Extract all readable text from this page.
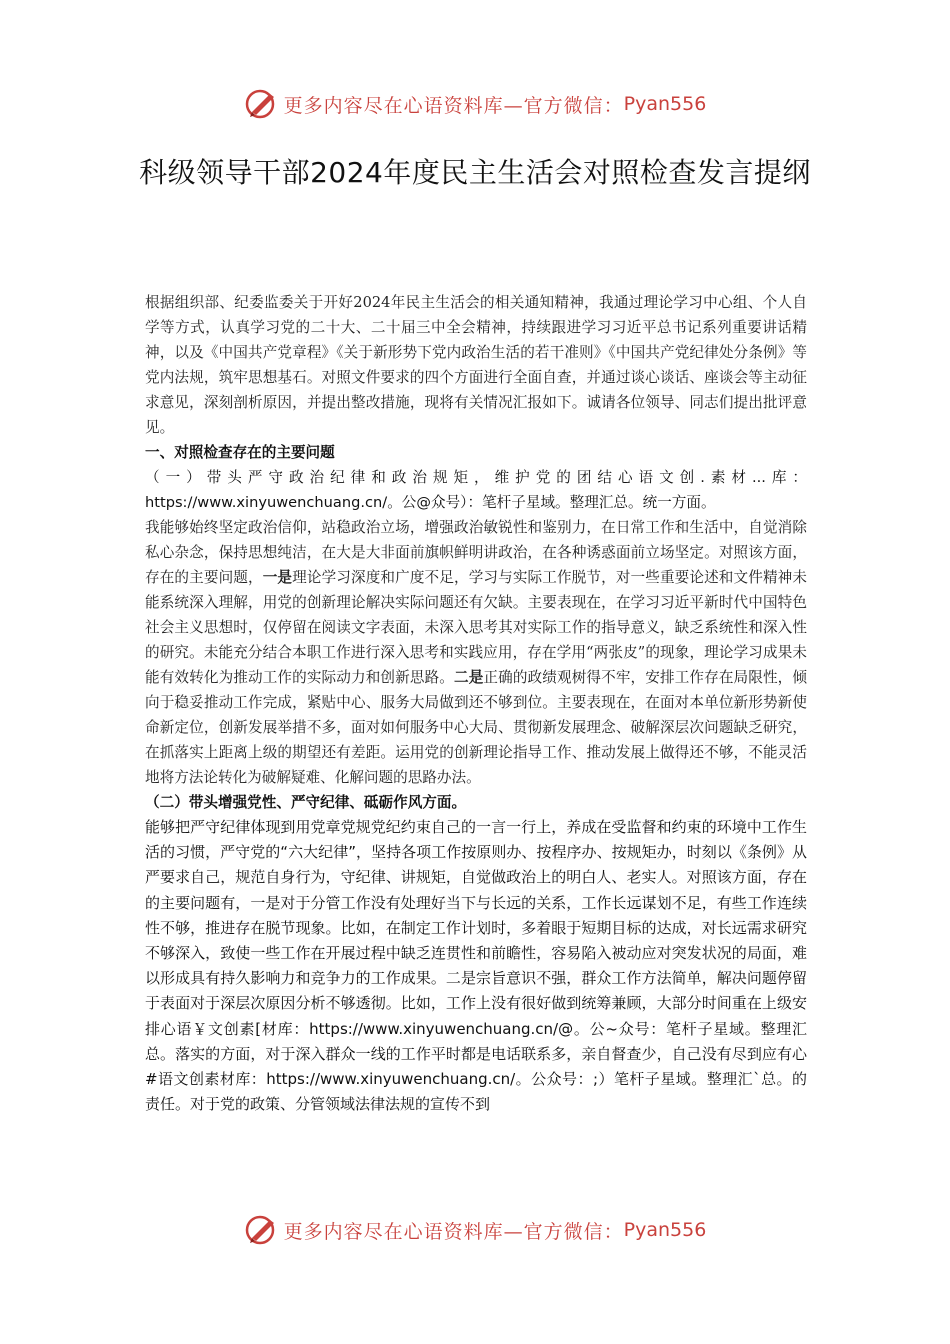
更多内容尽在心语资料库—官方微信： Pyan556
科级领导干部2024年度民主生活会对照检查发言提纲

根据组织部、纪委监委关于开好2024年民主生活会的相关通知精神，我通过理论学习中心组、个人自学等方式，认真学习党的二十大、二十届三中全会精神，持续跟进学习习近平总书记系列重要讲话精神，以及《中国共产党章程》《关于新形势下党内政治生活的若干准则》《中国共产党纪律处分条例》等党内法规，筑牢思想基石。对照文件要求的四个方面进行全面自查，并通过谈心谈话、座谈会等主动征求意见，深刻剖析原因，并提出整改措施，现将有关情况汇报如下。诚请各位领导、同志们提出批评意见。

一、对照检查存在的主要问题

（一）带头严守政治纪律和政治规矩，维护党的团结心语文创.素材...库：https://www.xinyuwenchuang.cn/。公@众号）：笔杆子星域。整理汇总。统一方面。

我能够始终坚定政治信仰，站稳政治立场，增强政治敏锐性和鉴别力，在日常工作和生活中，自觉消除私心杂念，保持思想纯洁，在大是大非面前旗帜鲜明讲政治，在各种诱惑面前立场坚定。对照该方面，存在的主要问题，一是理论学习深度和广度不足，学习与实际工作脱节，对一些重要论述和文件精神未能系统深入理解，用党的创新理论解决实际问题还有欠缺。主要表现在，在学习习近平新时代中国特色社会主义思想时，仅停留在阅读文字表面，未深入思考其对实际工作的指导意义，缺乏系统性和深入性的研究。未能充分结合本职工作进行深入思考和实践应用，存在学用“两张皮”的现象，理论学习成果未能有效转化为推动工作的实际动力和创新思路。二是正确的政绩观树得不牢，安排工作存在局限性，倾向于稳妥推动工作完成，紧贴中心、服务大局做到还不够到位。主要表现在，在面对本单位新形势新使命新定位，创新发展举措不多，面对如何服务中心大局、贯彻新发展理念、破解深层次问题缺乏研究，在抓落实上距离上级的期望还有差距。运用党的创新理论指导工作、推动发展上做得还不够，不能灵活地将方法论转化为破解疑难、化解问题的思路办法。

（二）带头增强党性、严守纪律、砥砺作风方面。

能够把严守纪律体现到用党章党规党纪约束自己的一言一行上，养成在受监督和约束的环境中工作生活的习惯，严守党的“六大纪律”，坚持各项工作按原则办、按程序办、按规矩办，时刻以《条例》从严要求自己，规范自身行为，守纪律、讲规矩，自觉做政治上的明白人、老实人。对照该方面，存在的主要问题有，一是对于分管工作没有处理好当下与长远的关系，工作长远谋划不足，有些工作连续性不够，推进存在脱节现象。比如，在制定工作计划时，多着眼于短期目标的达成，对长远需求研究不够深入，致使一些工作在开展过程中缺乏连贯性和前瞻性，容易陷入被动应对突发状况的局面，难以形成具有持久影响力和竞争力的工作成果。二是宗旨意识不强，群众工作方法简单，解决问题停留于表面对于深层次原因分析不够透彻。比如，工作上没有很好做到统筹兼顾，大部分时间重在上级安排心语￥文创素[材库：https://www.xinyuwenchuang.cn/@。公~众号：笔杆子星域。整理汇总。落实的方面，对于深入群众一线的工作平时都是电话联系多，亲自督查少，自己没有尽到应有心#语文创素材库：https://www.xinyuwenchuang.cn/。公众号：;）笔杆子星域。整理汇`总。的责任。对于党的政策、分管领域法律法规的宣传不到

更多内容尽在心语资料库—官方微信： Pyan556
